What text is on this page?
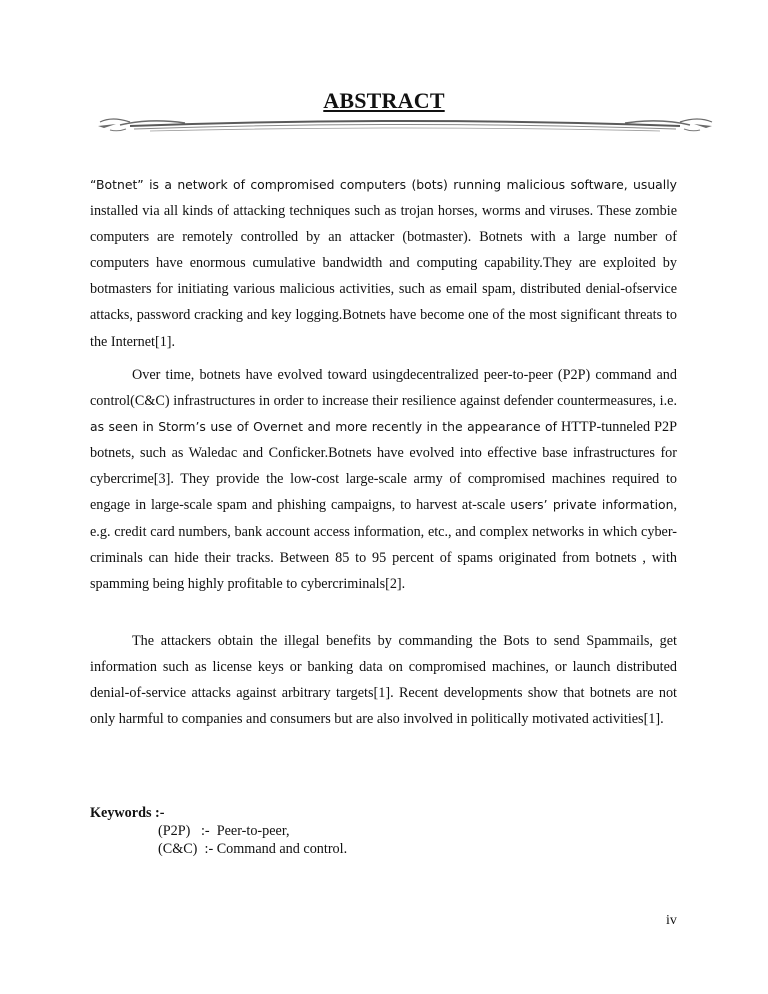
ABSTRACT

“Botnet” is a network of compromised computers (bots) running malicious software, usually installed via all kinds of attacking techniques such as trojan horses, worms and viruses. These zombie computers are remotely controlled by an attacker (botmaster). Botnets with a large number of computers have enormous cumulative bandwidth and computing capability.They are exploited by botmasters for initiating various malicious activities, such as email spam, distributed denial-ofservice attacks, password cracking and key logging.Botnets have become one of the most significant threats to the Internet[1].

Over time, botnets have evolved toward usingdecentralized peer-to-peer (P2P) command and control(C&C) infrastructures in order to increase their resilience against defender countermeasures, i.e. as seen in Storm’s use of Overnet and more recently in the appearance of HTTP-tunneled P2P botnets, such as Waledac and Conficker.Botnets have evolved into effective base infrastructures for cybercrime[3]. They provide the low-cost large-scale army of compromised machines required to engage in large-scale spam and phishing campaigns, to harvest at-scale users’ private information, e.g. credit card numbers, bank account access information, etc., and complex networks in which cyber-criminals can hide their tracks. Between 85 to 95 percent of spams originated from botnets , with spamming being highly profitable to cybercriminals[2].

The attackers obtain the illegal benefits by commanding the Bots to send Spammails, get information such as license keys or banking data on compromised machines, or launch distributed denial-of-service attacks against arbitrary targets[1]. Recent developments show that botnets are not only harmful to companies and consumers but are also involved in politically motivated activities[1].

Keywords :-
(P2P)   :-  Peer-to-peer,
(C&C)  :- Command and control.
iv
